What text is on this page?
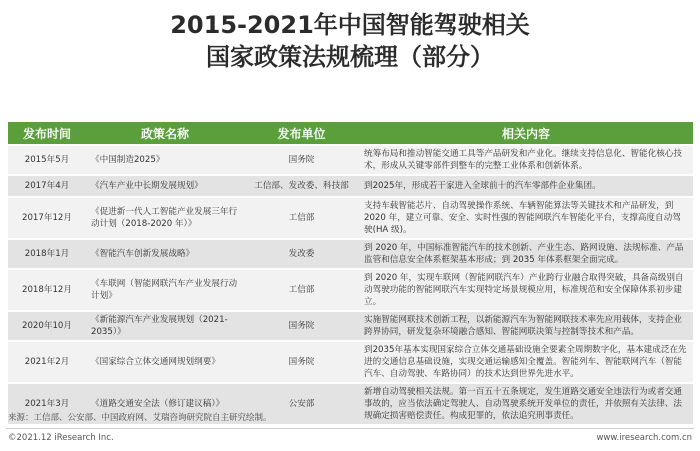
2015-2021年中国智能驾驶相关
国家政策法规梳理（部分）
发布时间	政策名称	发布单位	相关内容
2015年5月	《中国制造2025》	国务院	统筹布局和推动智能交通工具等产品研发和产业化。继续支持信息化、智能化核心技术，形成从关键零部件到整车的完整工业体系和创新体系。
2017年4月	《汽车产业中长期发展规划》	工信部、发改委、科技部	到2025年，形成若干家进入全球前十的汽车零部件企业集团。
2017年12月	《促进新一代人工智能产业发展三年行动计划（2018-2020 年）》	工信部	支持车载智能芯片、自动驾驶操作系统、车辆智能算法等关键技术和产品研发，到2020 年，建立可靠、安全、实时性强的智能网联汽车智能化平台，支撑高度自动驾驶(HA 级)。
2018年1月	《智能汽车创新发展战略》	发改委	到 2020 年，中国标准智能汽车的技术创新、产业生态、路网设施、法规标准、产品监管和信息安全体系框架基本形成；到 2035 年体系框架全面完成。
2018年12月	《车联网（智能网联汽车产业发展行动计划》	工信部	到 2020 年，实现车联网（智能网联汽车）产业跨行业融合取得突破，具备高级别自动驾驶功能的智能网联汽车实现特定场景规模应用，标准规范和安全保障体系初步建立。
2020年10月	《新能源汽车产业发展规划（2021-2035）》	国务院	实施智能网联技术创新工程，以新能源汽车为智能网联技术率先应用载体，支持企业跨界协同，研发复杂环境融合感知、智能网联决策与控制等技术和产品。
2021年2月	《国家综合立体交通网规划纲要》	国务院	到2035年基本实现国家综合立体交通基础设施全要素全周期数字化，基本建成泛在先进的交通信息基础设施，实现交通运输感知全覆盖。智能列车、智能联网汽车（智能汽车、自动驾驶、车路协同）的技术达到世界先进水平。
2021年3月	《道路交通安全法（修订建议稿）》	公安部	新增自动驾驶相关法规。第一百五十五条规定，发生道路交通安全违法行为或者交通事故的，应当依法确定驾驶人、自动驾驶系统开发单位的责任，并依照有关法律、法规确定损害赔偿责任。构成犯罪的，依法追究刑事责任。
来源：工信部、公安部、中国政府网、艾瑞咨询研究院自主研究绘制。
©2021.12 iResearch Inc.	www.iresearch.com.cn
